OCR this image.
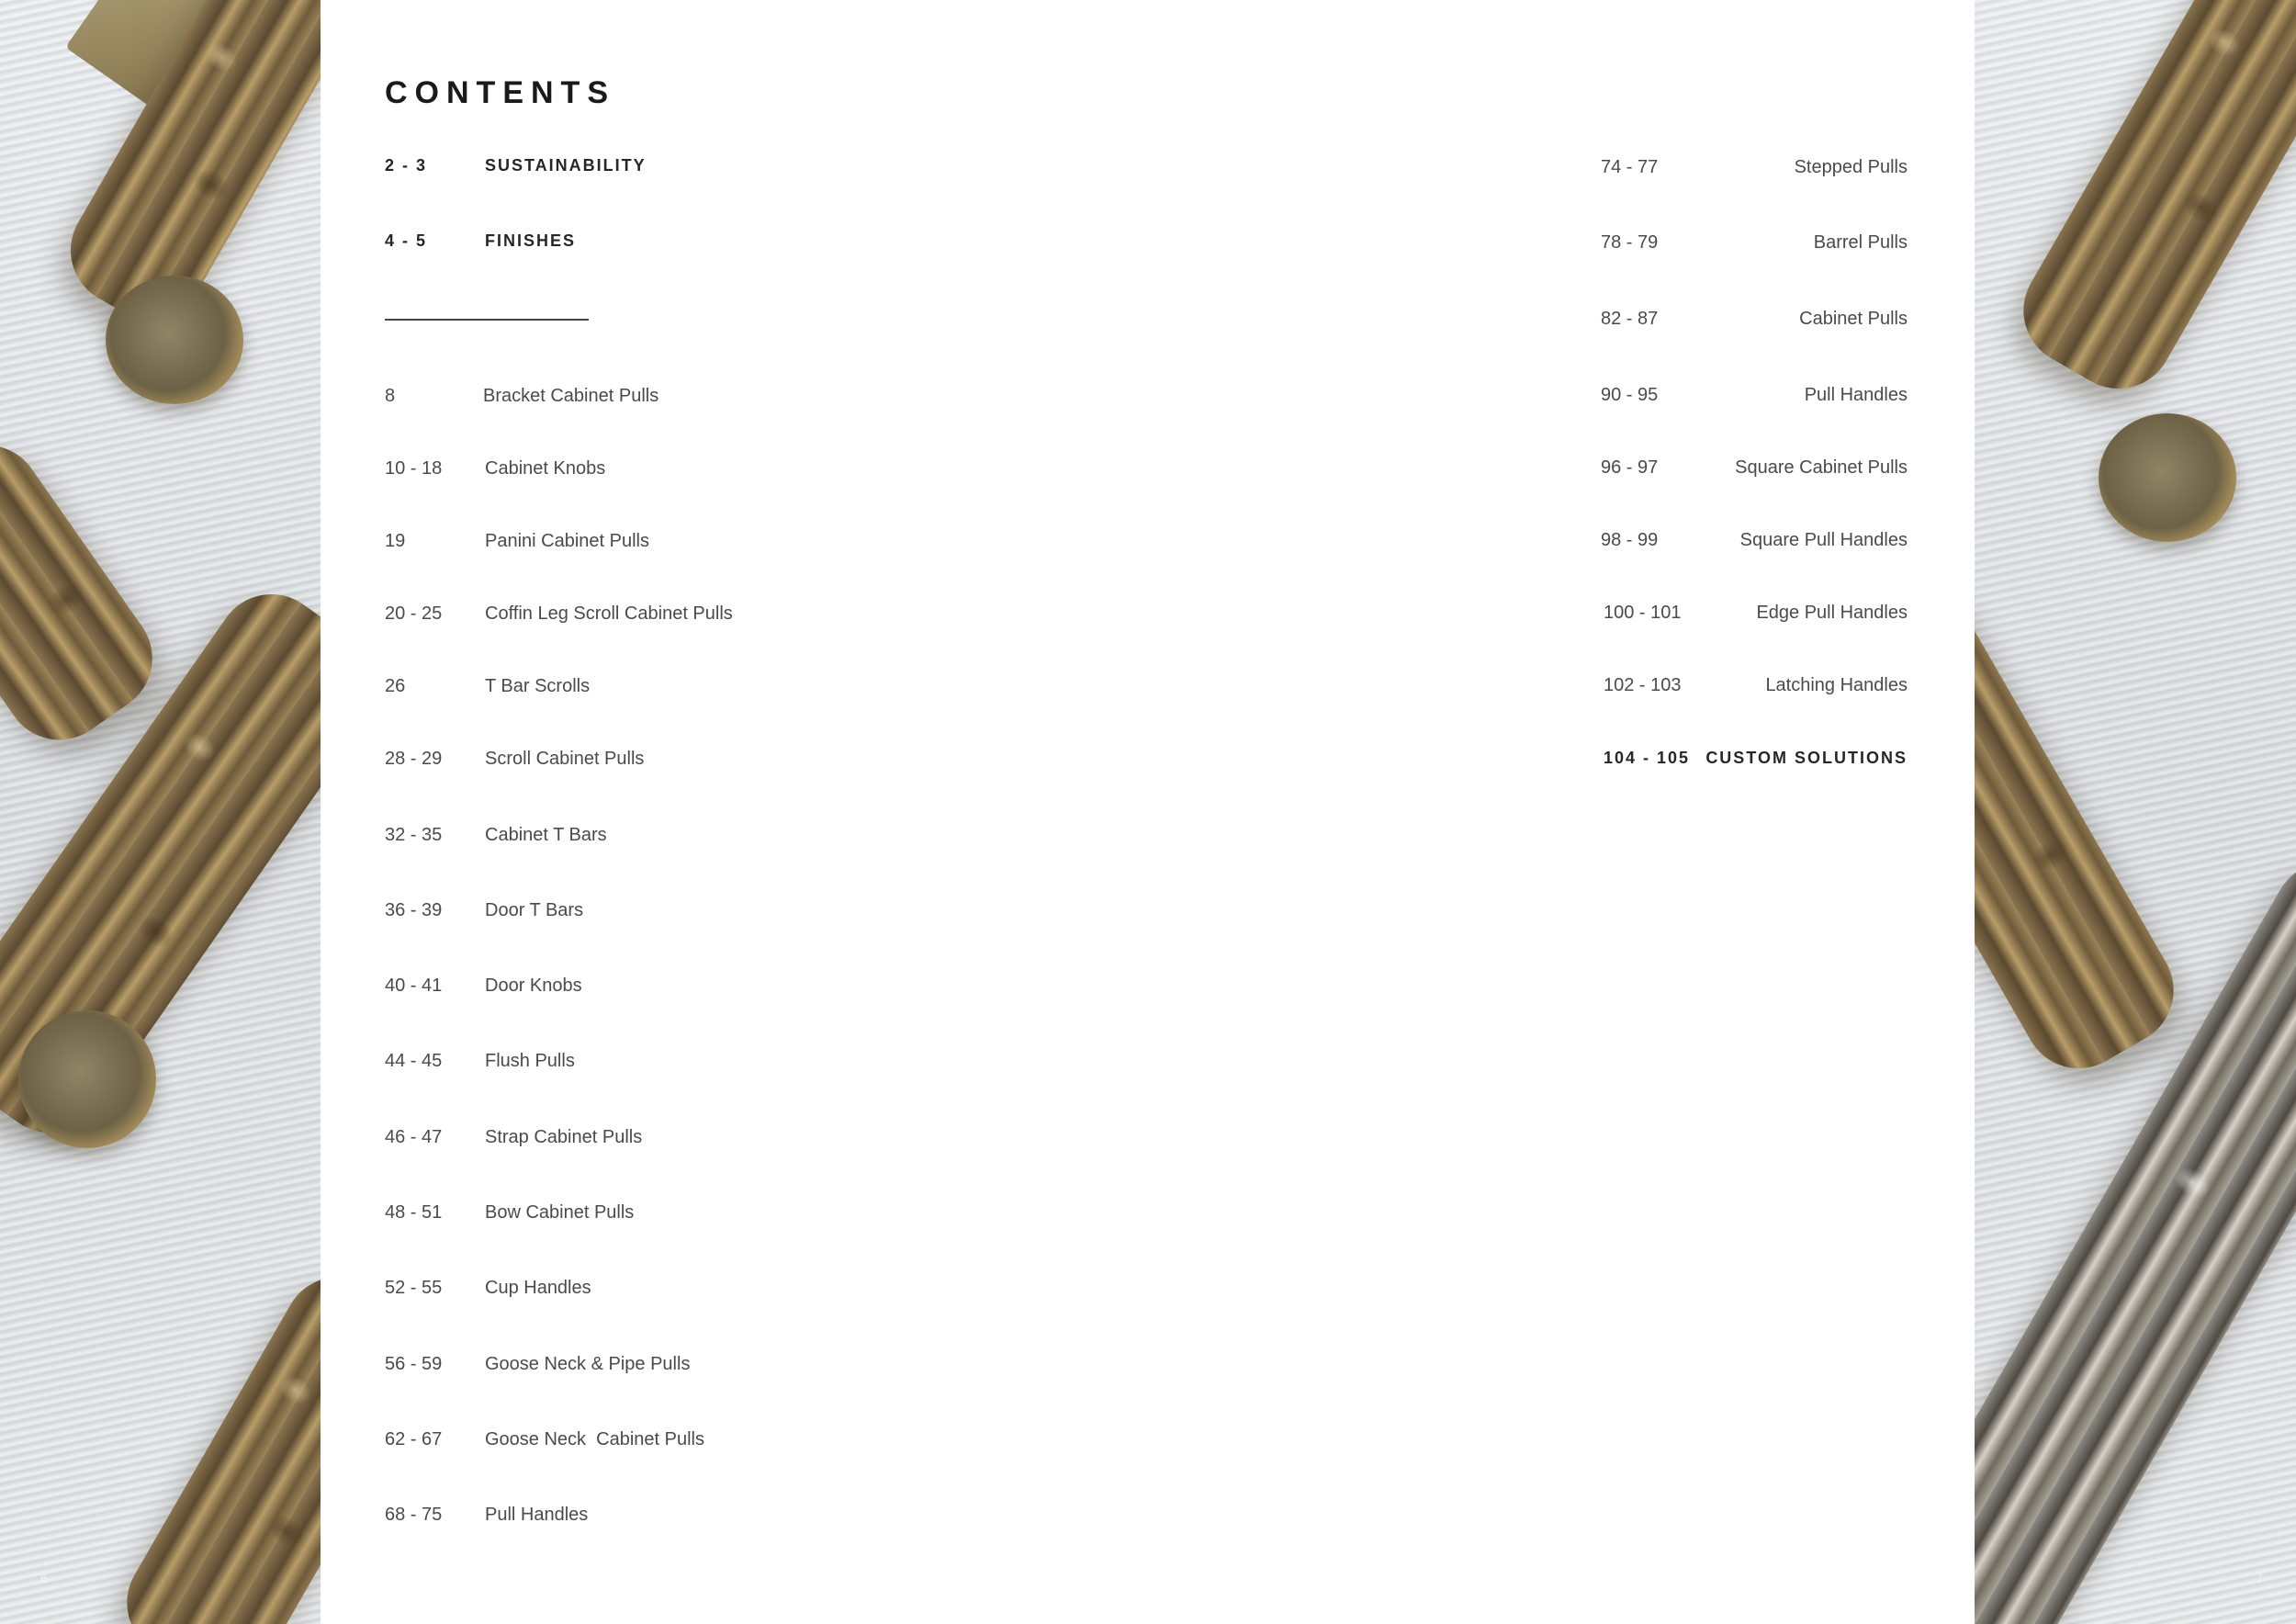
6	7
CONTENTS
2 - 3	SUSTAINABILITY
4 - 5	FINISHES
8	Bracket Cabinet Pulls
10 - 18 Cabinet Knobs
19	Panini Cabinet Pulls
20 - 25 Coffin Leg Scroll Cabinet Pulls
26	T Bar Scrolls
28 - 29 Scroll Cabinet Pulls
32 - 35 Cabinet T Bars
36 - 39 Door T Bars
40 - 41 Door Knobs
44 - 45 Flush Pulls
46 - 47 Strap Cabinet Pulls
48 - 51 Bow Cabinet Pulls
52 - 55 Cup Handles
56 - 59 Goose Neck & Pipe Pulls
62 - 67 Goose Neck  Cabinet Pulls
68 - 75 Pull Handles
74 - 77	Stepped Pulls
78 - 79	Barrel Pulls
82 - 87	Cabinet Pulls
90 - 95	Pull Handles
96 - 97	Square Cabinet Pulls
98 - 99	Square Pull Handles
100 - 101	Edge Pull Handles
102 - 103	Latching Handles
104 - 105 CUSTOM SOLUTIONS
